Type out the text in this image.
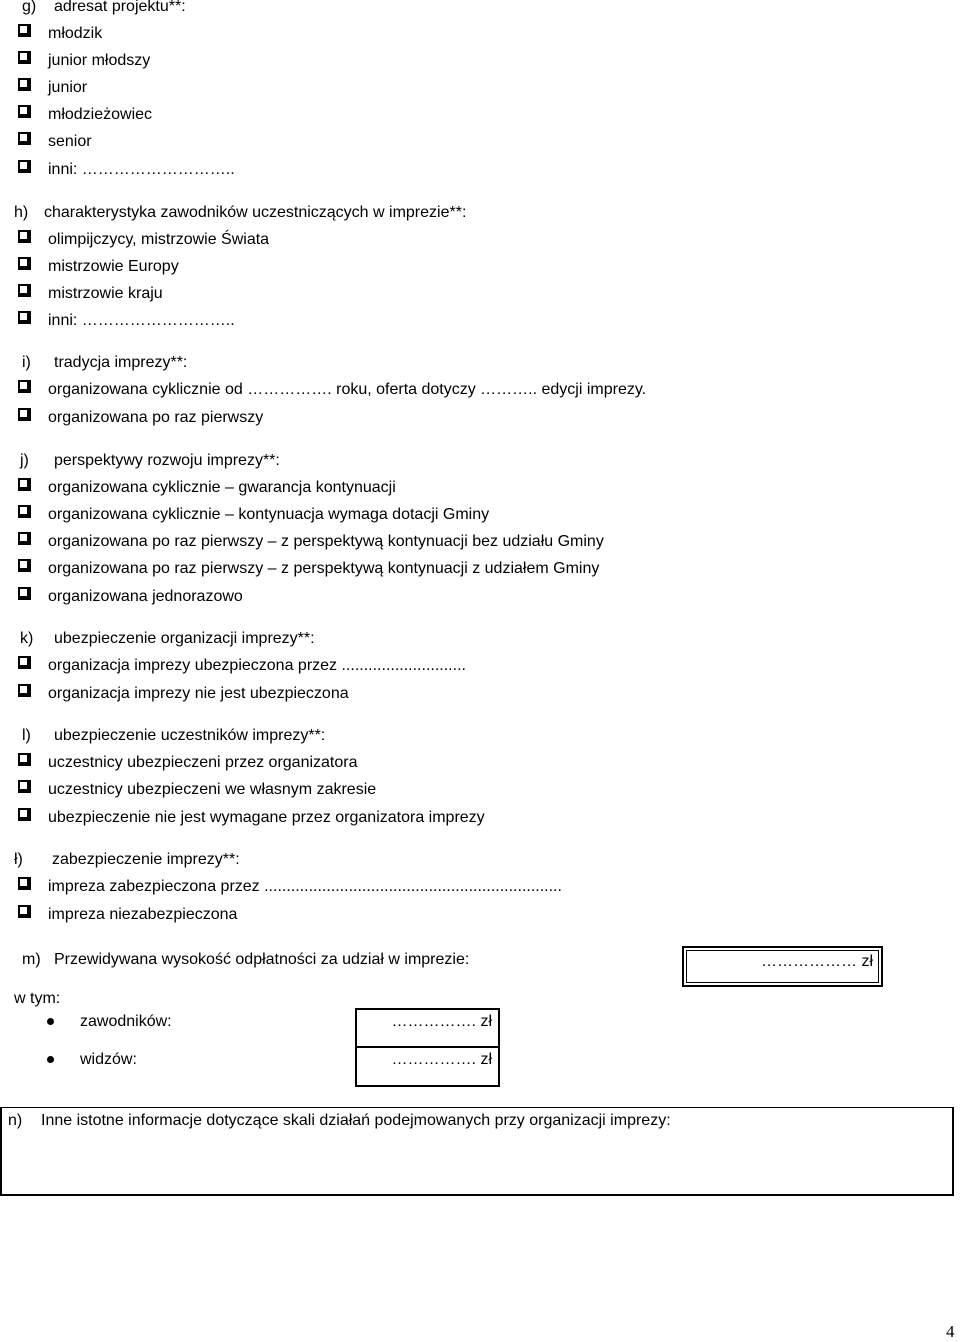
g) adresat projektu**:
młodzik
junior młodszy
junior
młodzieżowiec
senior
inni: ………………………..
h) charakterystyka zawodników uczestniczących w imprezie**:
olimpijczycy, mistrzowie Świata
mistrzowie Europy
mistrzowie kraju
inni: ………………………..
i) tradycja imprezy**:
organizowana cyklicznie od ……………. roku, oferta dotyczy ……….. edycji imprezy.
organizowana po raz pierwszy
j) perspektywy rozwoju imprezy**:
organizowana cyklicznie – gwarancja kontynuacji
organizowana cyklicznie – kontynuacja wymaga dotacji Gminy
organizowana po raz pierwszy – z perspektywą kontynuacji bez udziału Gminy
organizowana po raz pierwszy – z perspektywą kontynuacji z udziałem Gminy
organizowana jednorazowo
k) ubezpieczenie organizacji imprezy**:
organizacja imprezy ubezpieczona przez ............................
organizacja imprezy nie jest ubezpieczona
l) ubezpieczenie uczestników imprezy**:
uczestnicy ubezpieczeni przez organizatora
uczestnicy ubezpieczeni we własnym zakresie
ubezpieczenie nie jest wymagane przez organizatora imprezy
ł) zabezpieczenie imprezy**:
impreza zabezpieczona przez ...................................................................
impreza niezabezpieczona
m) Przewidywana wysokość odpłatności za udział w imprezie:	……………… zł
w tym:
zawodników:	……………. zł
widzów:	……………. zł
n) Inne istotne informacje dotyczące skali działań podejmowanych przy organizacji imprezy:
4
